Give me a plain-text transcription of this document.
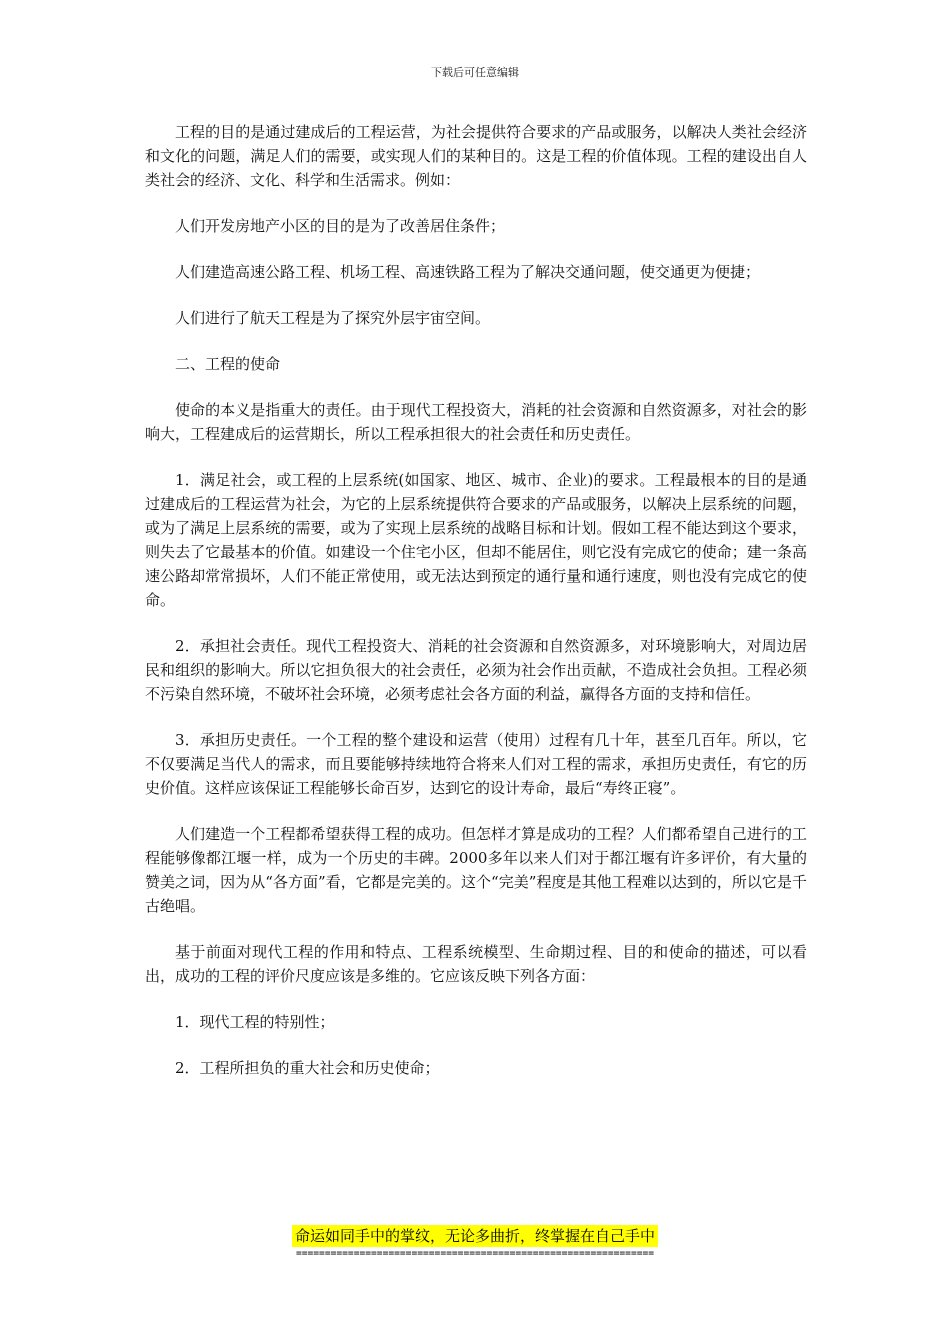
下载后可任意编辑

工程的目的是通过建成后的工程运营，为社会提供符合要求的产品或服务，以解决人类社会经济和文化的问题，满足人们的需要，或实现人们的某种目的。这是工程的价值体现。工程的建设出自人类社会的经济、文化、科学和生活需求。例如：

人们开发房地产小区的目的是为了改善居住条件；

人们建造高速公路工程、机场工程、高速铁路工程为了解决交通问题，使交通更为便捷；

人们进行了航天工程是为了探究外层宇宙空间。

二、工程的使命

使命的本义是指重大的责任。由于现代工程投资大，消耗的社会资源和自然资源多，对社会的影响大，工程建成后的运营期长，所以工程承担很大的社会责任和历史责任。

1．满足社会，或工程的上层系统(如国家、地区、城市、企业)的要求。工程最根本的目的是通过建成后的工程运营为社会，为它的上层系统提供符合要求的产品或服务，以解决上层系统的问题，或为了满足上层系统的需要，或为了实现上层系统的战略目标和计划。假如工程不能达到这个要求，则失去了它最基本的价值。如建设一个住宅小区，但却不能居住，则它没有完成它的使命；建一条高速公路却常常损坏，人们不能正常使用，或无法达到预定的通行量和通行速度，则也没有完成它的使命。

2．承担社会责任。现代工程投资大、消耗的社会资源和自然资源多，对环境影响大，对周边居民和组织的影响大。所以它担负很大的社会责任，必须为社会作出贡献，不造成社会负担。工程必须不污染自然环境，不破坏社会环境，必须考虑社会各方面的利益，赢得各方面的支持和信任。

3．承担历史责任。一个工程的整个建设和运营（使用）过程有几十年，甚至几百年。所以，它不仅要满足当代人的需求，而且要能够持续地符合将来人们对工程的需求，承担历史责任，有它的历史价值。这样应该保证工程能够长命百岁，达到它的设计寿命，最后“寿终正寝”。

人们建造一个工程都希望获得工程的成功。但怎样才算是成功的工程？人们都希望自己进行的工程能够像都江堰一样，成为一个历史的丰碑。2000多年以来人们对于都江堰有许多评价，有大量的赞美之词，因为从“各方面”看，它都是完美的。这个“完美”程度是其他工程难以达到的，所以它是千古绝唱。

基于前面对现代工程的作用和特点、工程系统模型、生命期过程、目的和使命的描述，可以看出，成功的工程的评价尺度应该是多维的。它应该反映下列各方面：

1．现代工程的特别性；

2．工程所担负的重大社会和历史使命；

命运如同手中的掌纹，无论多曲折，终掌握在自己手中
==============================================================
